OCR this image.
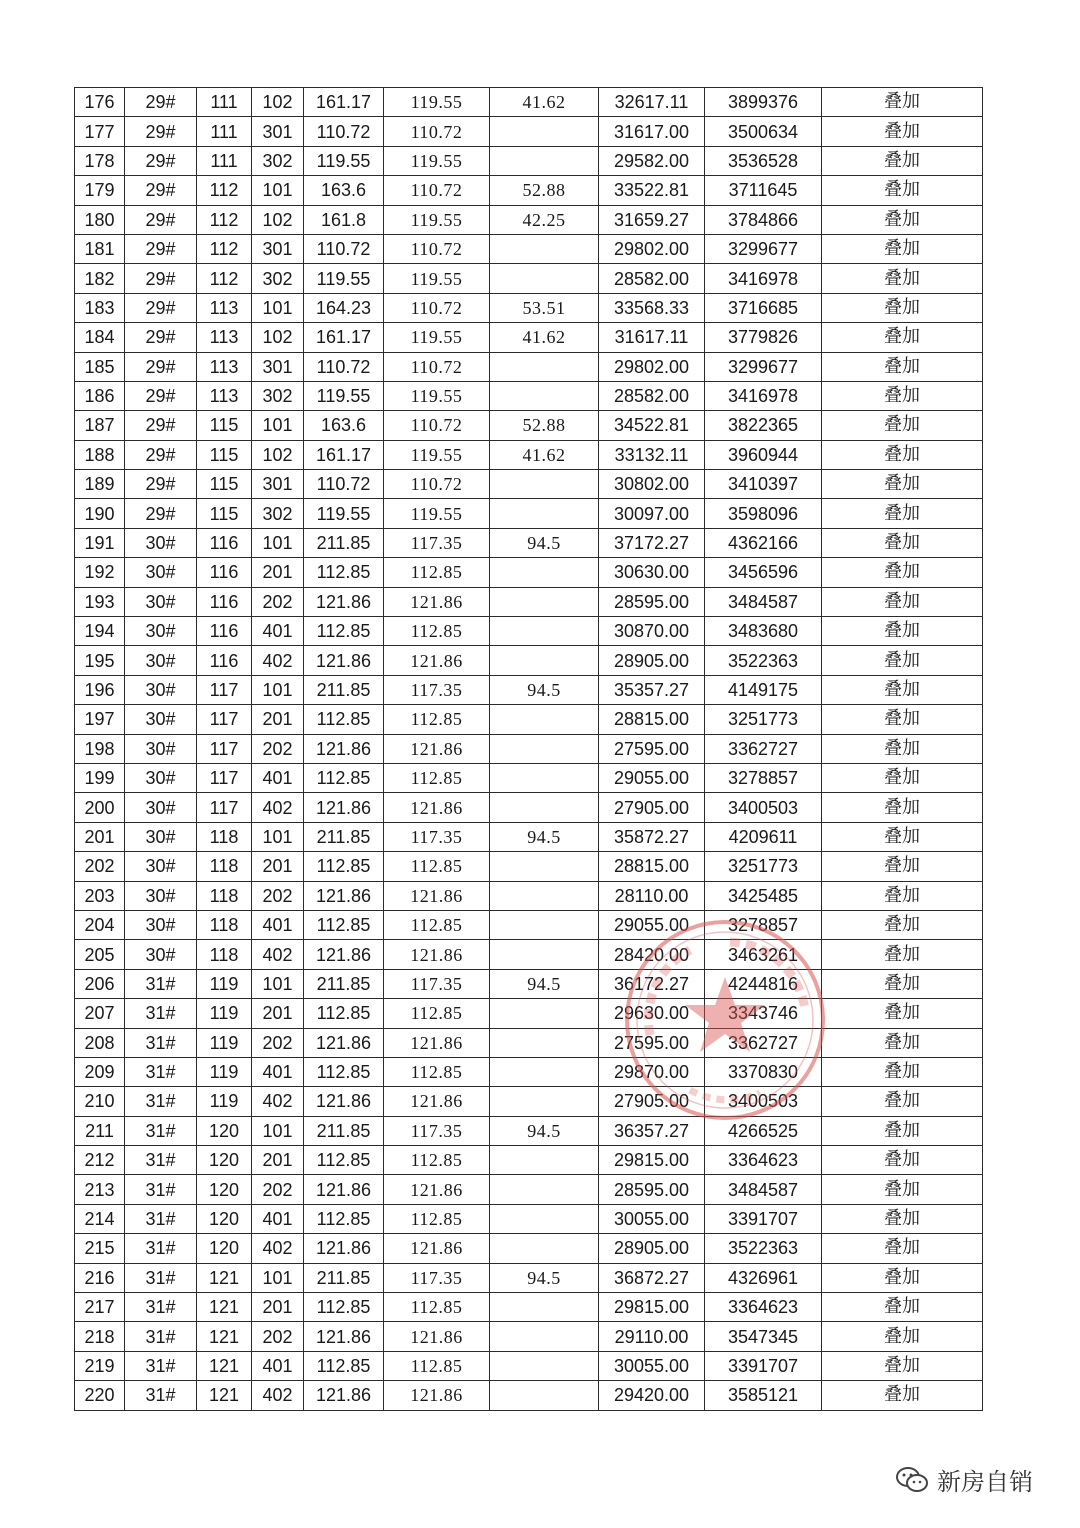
176	29#	111	102	161.17	119.55	41.62	32617.11	3899376	叠加
177	29#	111	301	110.72	110.72		31617.00	3500634	叠加
178	29#	111	302	119.55	119.55		29582.00	3536528	叠加
179	29#	112	101	163.6	110.72	52.88	33522.81	3711645	叠加
180	29#	112	102	161.8	119.55	42.25	31659.27	3784866	叠加
181	29#	112	301	110.72	110.72		29802.00	3299677	叠加
182	29#	112	302	119.55	119.55		28582.00	3416978	叠加
183	29#	113	101	164.23	110.72	53.51	33568.33	3716685	叠加
184	29#	113	102	161.17	119.55	41.62	31617.11	3779826	叠加
185	29#	113	301	110.72	110.72		29802.00	3299677	叠加
186	29#	113	302	119.55	119.55		28582.00	3416978	叠加
187	29#	115	101	163.6	110.72	52.88	34522.81	3822365	叠加
188	29#	115	102	161.17	119.55	41.62	33132.11	3960944	叠加
189	29#	115	301	110.72	110.72		30802.00	3410397	叠加
190	29#	115	302	119.55	119.55		30097.00	3598096	叠加
191	30#	116	101	211.85	117.35	94.5	37172.27	4362166	叠加
192	30#	116	201	112.85	112.85		30630.00	3456596	叠加
193	30#	116	202	121.86	121.86		28595.00	3484587	叠加
194	30#	116	401	112.85	112.85		30870.00	3483680	叠加
195	30#	116	402	121.86	121.86		28905.00	3522363	叠加
196	30#	117	101	211.85	117.35	94.5	35357.27	4149175	叠加
197	30#	117	201	112.85	112.85		28815.00	3251773	叠加
198	30#	117	202	121.86	121.86		27595.00	3362727	叠加
199	30#	117	401	112.85	112.85		29055.00	3278857	叠加
200	30#	117	402	121.86	121.86		27905.00	3400503	叠加
201	30#	118	101	211.85	117.35	94.5	35872.27	4209611	叠加
202	30#	118	201	112.85	112.85		28815.00	3251773	叠加
203	30#	118	202	121.86	121.86		28110.00	3425485	叠加
204	30#	118	401	112.85	112.85		29055.00	3278857	叠加
205	30#	118	402	121.86	121.86		28420.00	3463261	叠加
206	31#	119	101	211.85	117.35	94.5	36172.27	4244816	叠加
207	31#	119	201	112.85	112.85		29630.00	3343746	叠加
208	31#	119	202	121.86	121.86		27595.00	3362727	叠加
209	31#	119	401	112.85	112.85		29870.00	3370830	叠加
210	31#	119	402	121.86	121.86		27905.00	3400503	叠加
211	31#	120	101	211.85	117.35	94.5	36357.27	4266525	叠加
212	31#	120	201	112.85	112.85		29815.00	3364623	叠加
213	31#	120	202	121.86	121.86		28595.00	3484587	叠加
214	31#	120	401	112.85	112.85		30055.00	3391707	叠加
215	31#	120	402	121.86	121.86		28905.00	3522363	叠加
216	31#	121	101	211.85	117.35	94.5	36872.27	4326961	叠加
217	31#	121	201	112.85	112.85		29815.00	3364623	叠加
218	31#	121	202	121.86	121.86		29110.00	3547345	叠加
219	31#	121	401	112.85	112.85		30055.00	3391707	叠加
220	31#	121	402	121.86	121.86		29420.00	3585121	叠加
新房自销
